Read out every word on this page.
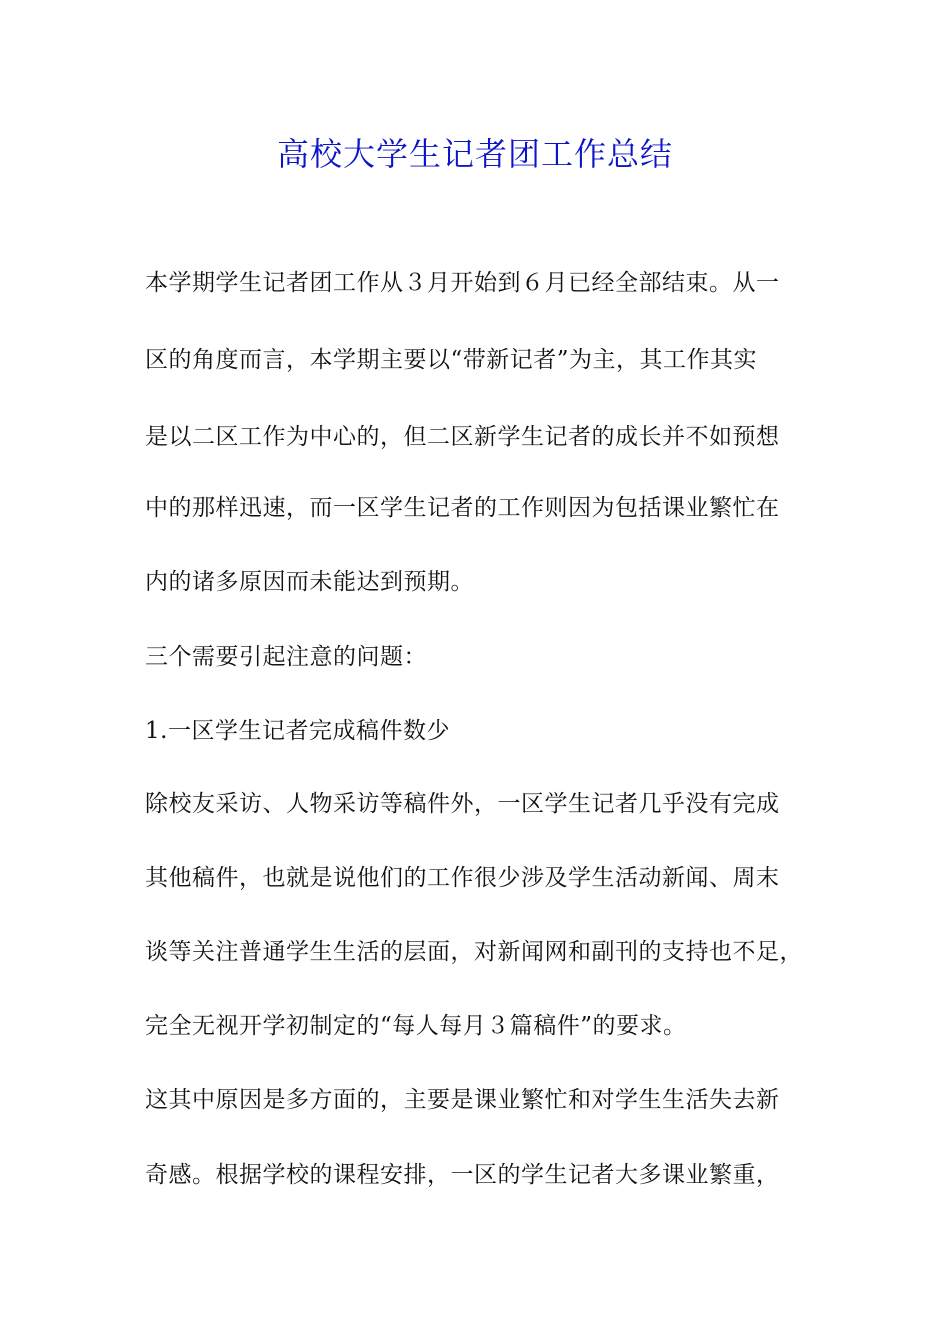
高校大学生记者团工作总结

本学期学生记者团工作从３月开始到６月已经全部结束。从一

区的角度而言，本学期主要以“带新记者”为主，其工作其实

是以二区工作为中心的，但二区新学生记者的成长并不如预想

中的那样迅速，而一区学生记者的工作则因为包括课业繁忙在

内的诸多原因而未能达到预期。

三个需要引起注意的问题：

1.一区学生记者完成稿件数少

除校友采访、人物采访等稿件外，一区学生记者几乎没有完成

其他稿件，也就是说他们的工作很少涉及学生活动新闻、周末

谈等关注普通学生生活的层面，对新闻网和副刊的支持也不足，

完全无视开学初制定的“每人每月３篇稿件”的要求。

这其中原因是多方面的，主要是课业繁忙和对学生生活失去新

奇感。根据学校的课程安排，一区的学生记者大多课业繁重，
